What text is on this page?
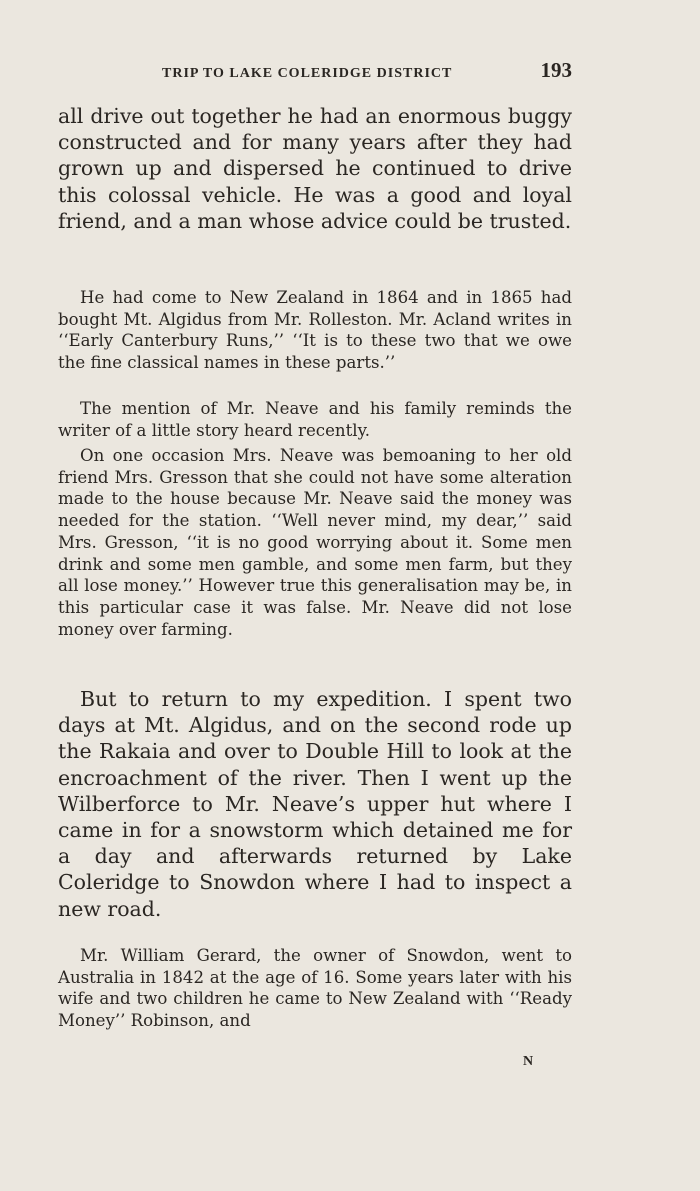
TRIP TO LAKE COLERIDGE DISTRICT	193

all drive out together he had an enormous buggy constructed and for many years after they had grown up and dispersed he continued to drive this colossal vehicle. He was a good and loyal friend, and a man whose advice could be trusted.

He had come to New Zealand in 1864 and in 1865 had bought Mt. Algidus from Mr. Rolleston. Mr. Acland writes in ‘‘Early Canterbury Runs,’’ ‘‘It is to these two that we owe the fine classical names in these parts.’’

The mention of Mr. Neave and his family reminds the writer of a little story heard recently.

On one occasion Mrs. Neave was bemoaning to her old friend Mrs. Gresson that she could not have some alteration made to the house because Mr. Neave said the money was needed for the station. ‘‘Well never mind, my dear,’’ said Mrs. Gresson, ‘‘it is no good worrying about it. Some men drink and some men gamble, and some men farm, but they all lose money.’’ However true this generalisation may be, in this particular case it was false. Mr. Neave did not lose money over farming.

But to return to my expedition. I spent two days at Mt. Algidus, and on the second rode up the Rakaia and over to Double Hill to look at the encroachment of the river. Then I went up the Wilberforce to Mr. Neave’s upper hut where I came in for a snowstorm which detained me for a day and afterwards returned by Lake Coleridge to Snowdon where I had to inspect a new road.

Mr. William Gerard, the owner of Snowdon, went to Australia in 1842 at the age of 16. Some years later with his wife and two children he came to New Zealand with ‘‘Ready Money’’ Robinson, and

N
